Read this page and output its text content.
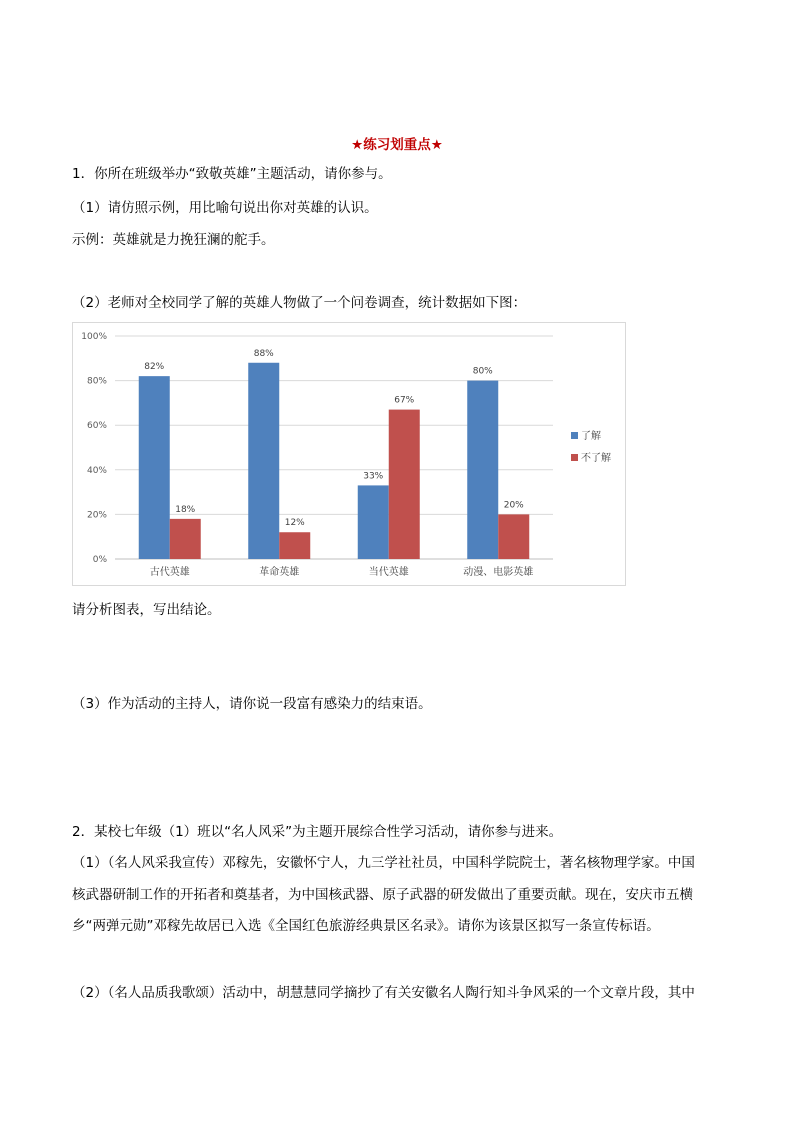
★练习划重点★
1．你所在班级举办“致敬英雄”主题活动，请你参与。
（1）请仿照示例，用比喻句说出你对英雄的认识。
示例：英雄就是力挽狂澜的舵手。
（2）老师对全校同学了解的英雄人物做了一个问卷调查，统计数据如下图：
0%
20%
40%
60%
80%
100%
82%
18%
古代英雄
88%
12%
革命英雄
33%
67%
当代英雄
80%
20%
动漫、电影英雄
了解
不了解
请分析图表，写出结论。
（3）作为活动的主持人，请你说一段富有感染力的结束语。
2．某校七年级（1）班以“名人风采”为主题开展综合性学习活动，请你参与进来。
（1）（名人风采我宣传）邓稼先，安徽怀宁人，九三学社社员，中国科学院院士，著名核物理学家。中国
核武器研制工作的开拓者和奠基者，为中国核武器、原子武器的研发做出了重要贡献。现在，安庆市五横
乡“两弹元勋”邓稼先故居已入选《全国红色旅游经典景区名录》。请你为该景区拟写一条宣传标语。
（2）（名人品质我歌颂）活动中，胡慧慧同学摘抄了有关安徽名人陶行知斗争风采的一个文章片段，其中
